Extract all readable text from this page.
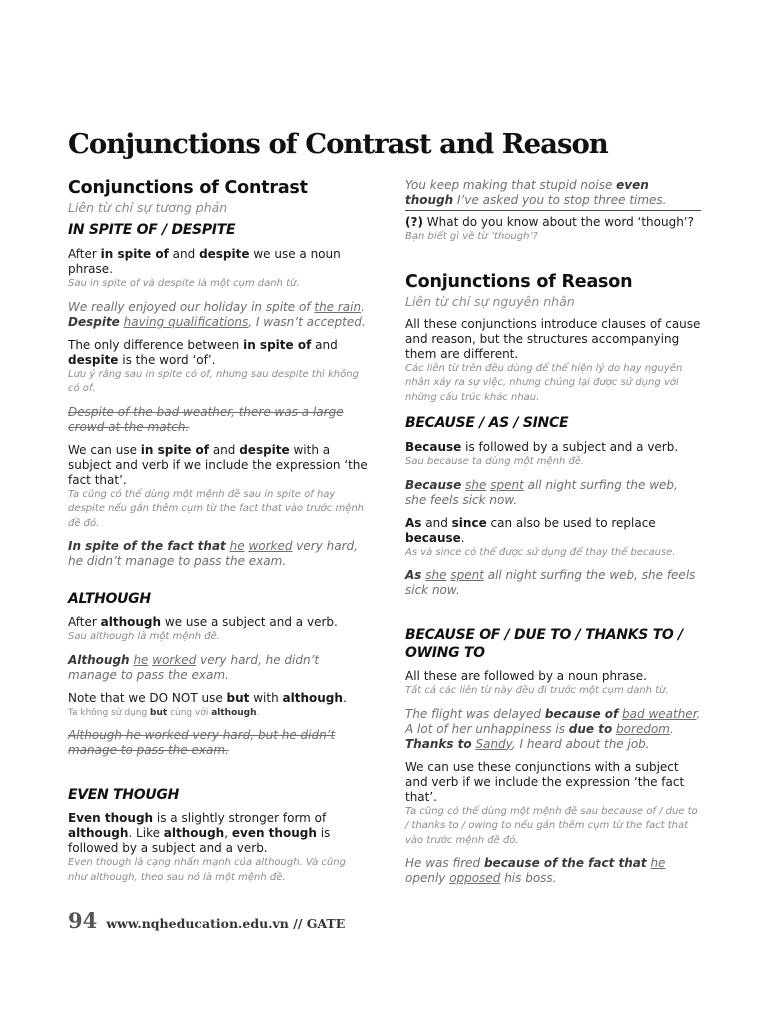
Conjunctions of Contrast and Reason
Conjunctions of Contrast

Liên từ chỉ sự tương phản

IN SPITE OF / DESPITE

After in spite of and despite we use a noun phrase.

Sau in spite of và despite là một cụm danh từ.

We really enjoyed our holiday in spite of the rain.
Despite having qualifications, I wasn’t accepted.

The only difference between in spite of and despite is the word ‘of’.

Lưu ý rằng sau in spite có of, nhưng sau despite thì không có of.

Despite of the bad weather, there was a large crowd at the match.

We can use in spite of and despite with a subject and verb if we include the expression ‘the fact that’.

Ta cũng có thể dùng một mệnh đề sau in spite of hay despite nếu gắn thêm cụm từ the fact that vào trước mệnh đề đó.

In spite of the fact that he worked very hard, he didn’t manage to pass the exam.

ALTHOUGH

After although we use a subject and a verb.

Sau although là một mệnh đề.

Although he worked very hard, he didn’t manage to pass the exam.

Note that we DO NOT use but with although.

Ta không sử dụng but cùng với although.

Although he worked very hard, but he didn’t manage to pass the exam.

EVEN THOUGH

Even though is a slightly stronger form of although. Like although, even though is followed by a subject and a verb.

Even though là cạng nhấn mạnh của although. Và cũng như although, theo sau nó là một mệnh đề.

You keep making that stupid noise even though I’ve asked you to stop three times.

(?) What do you know about the word ‘though’?

Bạn biết gì về từ ‘though’?

Conjunctions of Reason

Liên từ chỉ sự nguyên nhân

All these conjunctions introduce clauses of cause and reason, but the structures accompanying them are different.

Các liên từ trên đều dùng để thể hiện lý do hay nguyên nhân xảy ra sự việc, nhưng chúng lại được sử dụng với những cấu trúc khác nhau.

BECAUSE / AS / SINCE

Because is followed by a subject and a verb.

Sau because ta dùng một mệnh đề.

Because she spent all night surfing the web, she feels sick now.

As and since can also be used to replace because.

As và since có thể được sử dụng để thay thế because.

As she spent all night surfing the web, she feels sick now.

BECAUSE OF / DUE TO / THANKS TO / OWING TO

All these are followed by a noun phrase.

Tất cả các liên từ này đều đi trước một cụm danh từ.

The flight was delayed because of bad weather.
A lot of her unhappiness is due to boredom.
Thanks to Sandy, I heard about the job.

We can use these conjunctions with a subject and verb if we include the expression ‘the fact that’.

Ta cũng có thể dùng một mệnh đề sau because of / due to / thanks to / owing to nếu gắn thêm cụm từ the fact that vào trước mệnh đề đó.

He was fired because of the fact that he openly opposed his boss.

94 www.nqheducation.edu.vn // GATE
